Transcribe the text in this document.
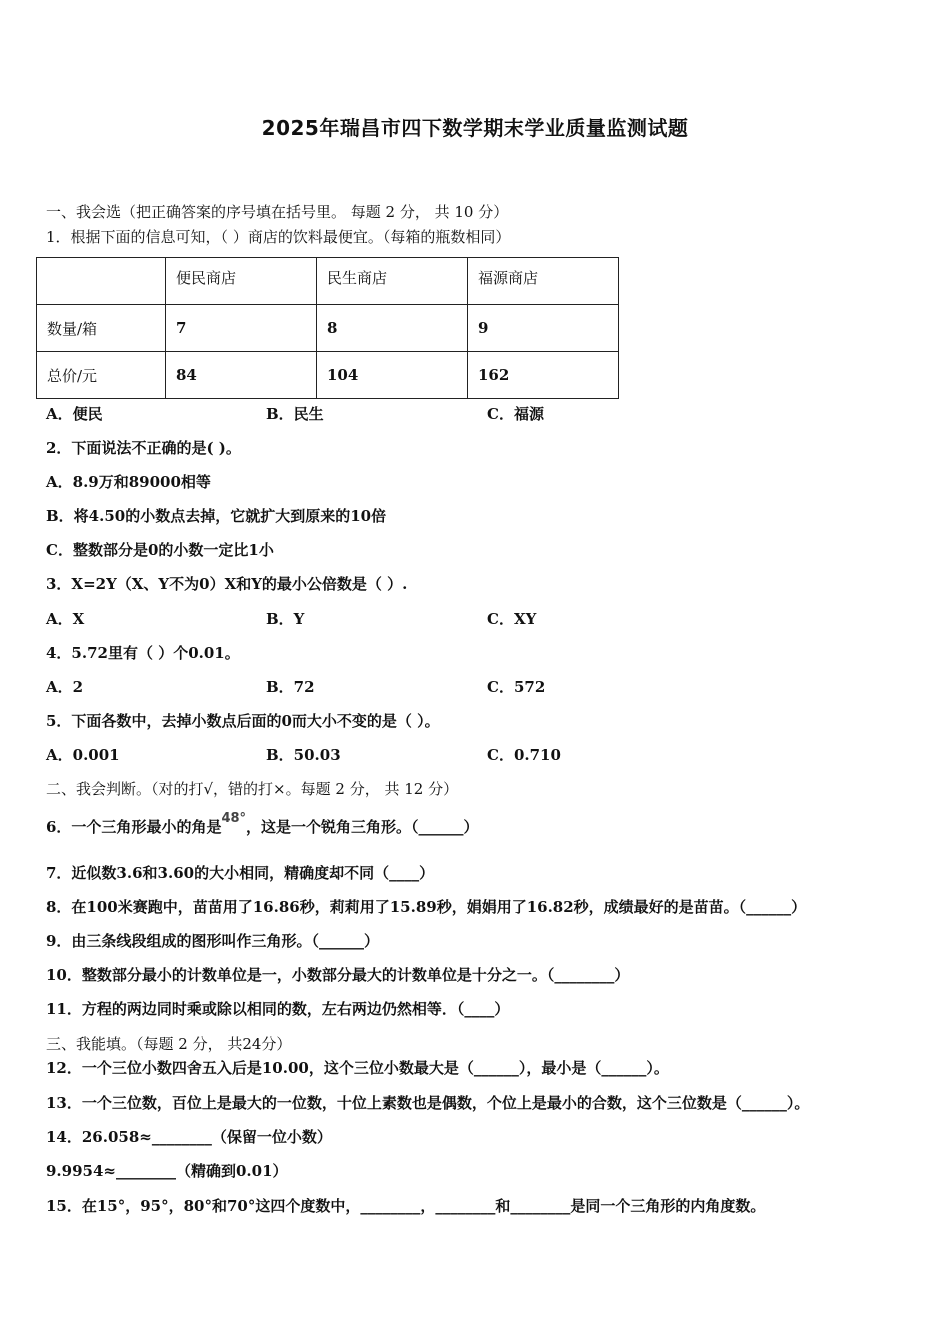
2025年瑞昌市四下数学期末学业质量监测试题
一、我会选（把正确答案的序号填在括号里。 每题 2 分， 共 10 分）
1．根据下面的信息可知，（ ）商店的饮料最便宜。（每箱的瓶数相同）
	便民商店	民生商店	福源商店
数量/箱	7	8	9
总价/元	84	104	162
A．便民	B．民生	C．福源
2．下面说法不正确的是( )。
A．8.9万和89000相等
B．将4.50的小数点去掉，它就扩大到原来的10倍
C．整数部分是0的小数一定比1小
3．X=2Y（X、Y不为0）X和Y的最小公倍数是（ ）.
A．X	B．Y	C．XY
4．5.72里有（ ）个0.01。
A．2	B．72	C．572
5．下面各数中，去掉小数点后面的0而大小不变的是（ ）。
A．0.001	B．50.03	C．0.710
二、我会判断。（对的打√，错的打×。每题 2 分， 共 12 分）
6．一个三角形最小的角是48°，这是一个锐角三角形。（______）
7．近似数3.6和3.60的大小相同，精确度却不同（____）
8．在100米赛跑中，苗苗用了16.86秒，莉莉用了15.89秒，娟娟用了16.82秒，成绩最好的是苗苗。（______）
9．由三条线段组成的图形叫作三角形。（______）
10．整数部分最小的计数单位是一，小数部分最大的计数单位是十分之一。（________）
11．方程的两边同时乘或除以相同的数，左右两边仍然相等．（____）
三、我能填。（每题 2 分， 共24分）
12．一个三位小数四舍五入后是10.00，这个三位小数最大是（______），最小是（______）。
13．一个三位数，百位上是最大的一位数，十位上素数也是偶数，个位上是最小的合数，这个三位数是（______）。
14．26.058≈________（保留一位小数）
9.9954≈________（精确到0.01）
15．在15°，95°，80°和70°这四个度数中，________，________和________是同一个三角形的内角度数。
